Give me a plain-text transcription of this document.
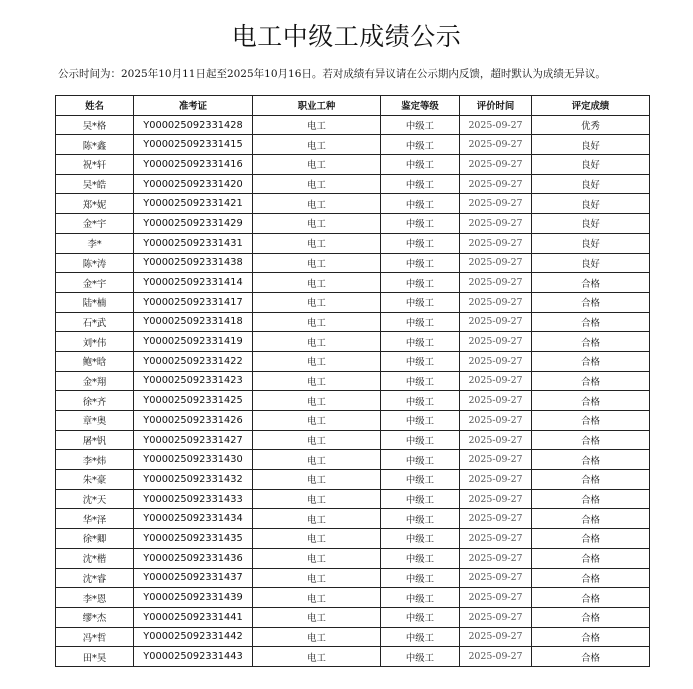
电工中级工成绩公示
公示时间为：2025年10月11日起至2025年10月16日。若对成绩有异议请在公示期内反馈，超时默认为成绩无异议。
姓名	准考证	职业工种	鉴定等级	评价时间	评定成绩
吴*格	Y000025092331428	电工	中级工	2025-09-27	优秀
陈*鑫	Y000025092331415	电工	中级工	2025-09-27	良好
祝*轩	Y000025092331416	电工	中级工	2025-09-27	良好
吴*皓	Y000025092331420	电工	中级工	2025-09-27	良好
郑*妮	Y000025092331421	电工	中级工	2025-09-27	良好
金*宇	Y000025092331429	电工	中级工	2025-09-27	良好
李*	Y000025092331431	电工	中级工	2025-09-27	良好
陈*涛	Y000025092331438	电工	中级工	2025-09-27	良好
金*宇	Y000025092331414	电工	中级工	2025-09-27	合格
陆*楠	Y000025092331417	电工	中级工	2025-09-27	合格
石*武	Y000025092331418	电工	中级工	2025-09-27	合格
刘*伟	Y000025092331419	电工	中级工	2025-09-27	合格
鲍*晗	Y000025092331422	电工	中级工	2025-09-27	合格
金*翔	Y000025092331423	电工	中级工	2025-09-27	合格
徐*齐	Y000025092331425	电工	中级工	2025-09-27	合格
章*奥	Y000025092331426	电工	中级工	2025-09-27	合格
屠*钒	Y000025092331427	电工	中级工	2025-09-27	合格
李*炜	Y000025092331430	电工	中级工	2025-09-27	合格
朱*豪	Y000025092331432	电工	中级工	2025-09-27	合格
沈*天	Y000025092331433	电工	中级工	2025-09-27	合格
华*泽	Y000025092331434	电工	中级工	2025-09-27	合格
徐*卿	Y000025092331435	电工	中级工	2025-09-27	合格
沈*楷	Y000025092331436	电工	中级工	2025-09-27	合格
沈*睿	Y000025092331437	电工	中级工	2025-09-27	合格
李*恩	Y000025092331439	电工	中级工	2025-09-27	合格
缪*杰	Y000025092331441	电工	中级工	2025-09-27	合格
冯*哲	Y000025092331442	电工	中级工	2025-09-27	合格
田*昊	Y000025092331443	电工	中级工	2025-09-27	合格
